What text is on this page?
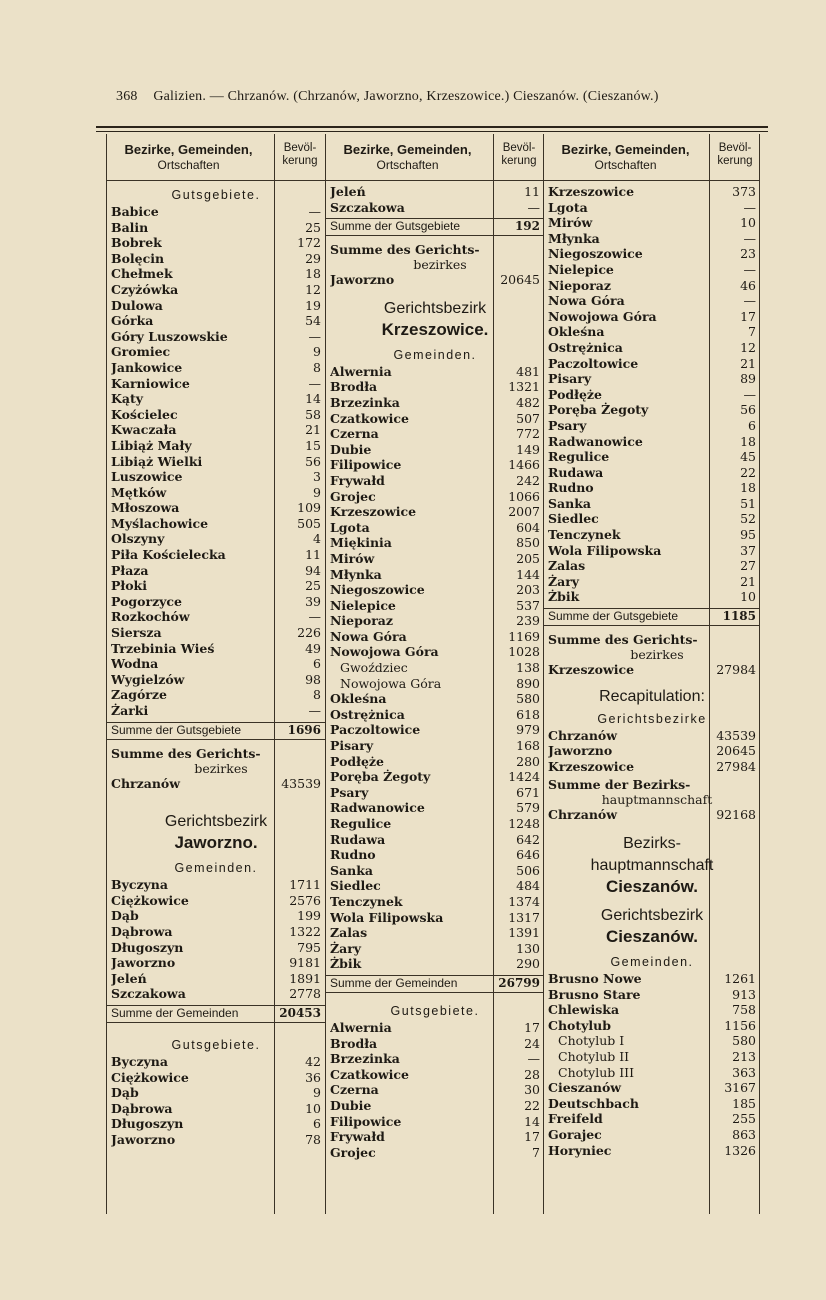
368 Galizien. — Chrzanów. (Chrzanów, Jaworzno, Krzeszowice.) Cieszanów. (Cieszanów.)
Bezirke, Gemeinden,
Ortschaften
Bevöl-
kerung
Gutsgebiete.
Babice	—
Balin	25
Bobrek	172
Bolęcin	29
Chełmek	18
Czyżówka	12
Dulowa	19
Górka	54
Góry Luszowskie	—
Gromiec	9
Jankowice	8
Karniowice	—
Kąty	14
Kościelec	58
Kwaczała	21
Libiąż Mały	15
Libiąż Wielki	56
Luszowice	3
Mętków	9
Młoszowa	109
Myślachowice	505
Olszyny	4
Piła Kościelecka	11
Płaza	94
Płoki	25
Pogorzyce	39
Rozkochów	—
Siersza	226
Trzebinia Wieś	49
Wodna	6
Wygielzów	98
Zagórze	8
Żarki	—
Summe der Gutsgebiete	1696
Summe des Gerichts-
bezirkes
Chrzanów	43539
Gerichtsbezirk
Jaworzno.
Gemeinden.
Byczyna	1711
Ciężkowice	2576
Dąb	199
Dąbrowa	1322
Długoszyn	795
Jaworzno	9181
Jeleń	1891
Szczakowa	2778
Summe der Gemeinden	20453
Gutsgebiete.
Byczyna	42
Ciężkowice	36
Dąb	9
Dąbrowa	10
Długoszyn	6
Jaworzno	78
Bezirke, Gemeinden,
Ortschaften
Bevöl-
kerung
Jeleń	11
Szczakowa	—
Summe der Gutsgebiete	192
Summe des Gerichts-
bezirkes
Jaworzno	20645
Gerichtsbezirk
Krzeszowice.
Gemeinden.
Alwernia	481
Brodła	1321
Brzezinka	482
Czatkowice	507
Czerna	772
Dubie	149
Filipowice	1466
Frywałd	242
Grojec	1066
Krzeszowice	2007
Lgota	604
Miękinia	850
Mirów	205
Młynka	144
Niegoszowice	203
Nielepice	537
Nieporaz	239
Nowa Góra	1169
Nowojowa Góra	1028
Gwoździec	138
Nowojowa Góra	890
Okleśna	580
Ostrężnica	618
Paczoltowice	979
Pisary	168
Podłęże	280
Poręba Żegoty	1424
Psary	671
Radwanowice	579
Regulice	1248
Rudawa	642
Rudno	646
Sanka	506
Siedlec	484
Tenczynek	1374
Wola Filipowska	1317
Zalas	1391
Żary	130
Żbik	290
Summe der Gemeinden	26799
Gutsgebiete.
Alwernia	17
Brodła	24
Brzezinka	—
Czatkowice	28
Czerna	30
Dubie	22
Filipowice	14
Frywałd	17
Grojec	7
Bezirke, Gemeinden,
Ortschaften
Bevöl-
kerung
Krzeszowice	373
Lgota	—
Mirów	10
Młynka	—
Niegoszowice	23
Nielepice	—
Nieporaz	46
Nowa Góra	—
Nowojowa Góra	17
Okleśna	7
Ostrężnica	12
Paczoltowice	21
Pisary	89
Podłęże	—
Poręba Żegoty	56
Psary	6
Radwanowice	18
Regulice	45
Rudawa	22
Rudno	18
Sanka	51
Siedlec	52
Tenczynek	95
Wola Filipowska	37
Zalas	27
Żary	21
Żbik	10
Summe der Gutsgebiete	1185
Summe des Gerichts-
bezirkes
Krzeszowice	27984
Recapitulation:
Gerichtsbezirke
Chrzanów	43539
Jaworzno	20645
Krzeszowice	27984
Summe der Bezirks-
hauptmannschaft
Chrzanów	92168
Bezirks-
hauptmannschaft
Cieszanów.
Gerichtsbezirk
Cieszanów.
Gemeinden.
Brusno Nowe	1261
Brusno Stare	913
Chlewiska	758
Chotylub	1156
Chotylub I	580
Chotylub II	213
Chotylub III	363
Cieszanów	3167
Deutschbach	185
Freifeld	255
Gorajec	863
Horyniec	1326
